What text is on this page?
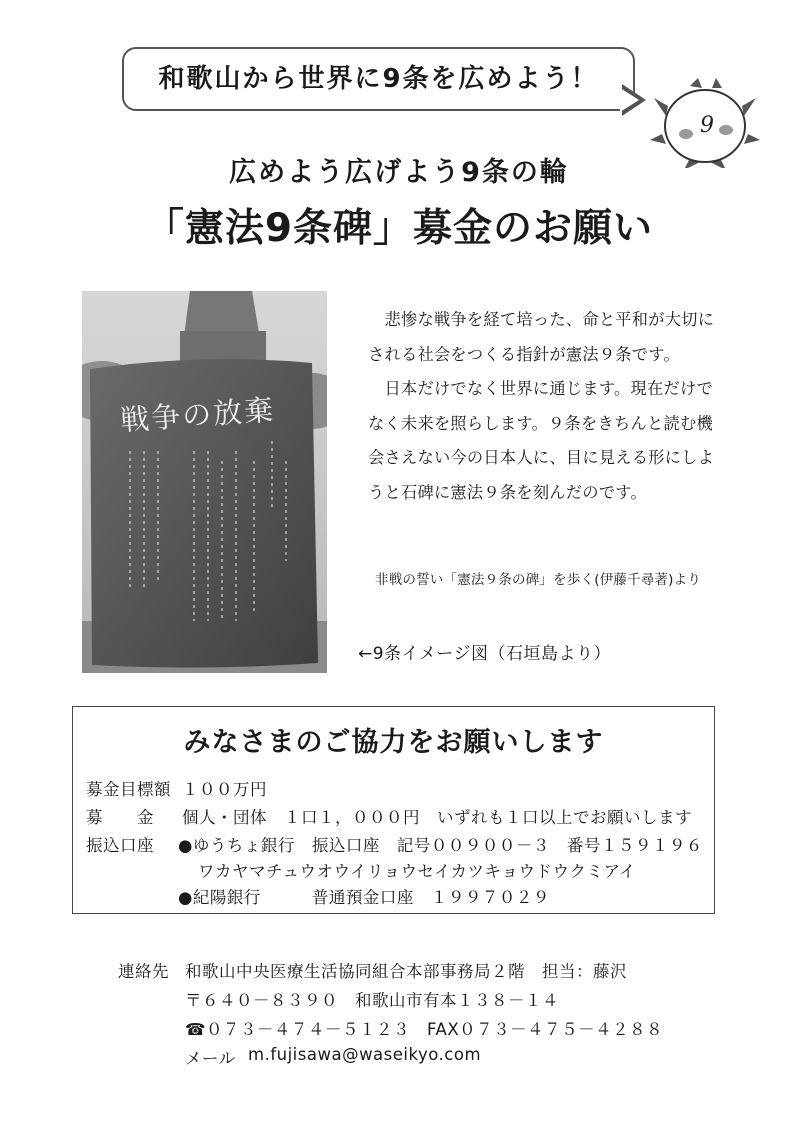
和歌山から世界に9条を広めよう！
9
広めよう広げよう9条の輪
「憲法9条碑」募金のお願い
戦争の放棄

　悲惨な戦争を経て培った、命と平和が大切に

される社会をつくる指針が憲法９条です。

　日本だけでなく世界に通じます。現在だけで

なく未来を照らします。９条をきちんと読む機

会さえない今の日本人に、目に見える形にしよ

うと石碑に憲法９条を刻んだのです。

非戦の誓い「憲法９条の碑」を歩く(伊藤千尋著)より
←9条イメージ図（石垣島より）
みなさまのご協力をお願いします
募金目標額 １００万円
募　　金 個人・団体　１口１，０００円　いずれも１口以上でお願いします
振込口座 ●ゆうちょ銀行　振込口座　記号００９００－３　番号１５９１９６
ワカヤマチュウオウイリョウセイカツキョウドウクミアイ
●紀陽銀行　　　普通預金口座　１９９７０２９
連絡先 和歌山中央医療生活協同組合本部事務局２階　担当：藤沢
〒６４０－８３９０　和歌山市有本１３８－１４
☎０７３－４７４－５１２３　FAX０７３－４７５－４２８８
メール m.fujisawa@waseikyo.com
